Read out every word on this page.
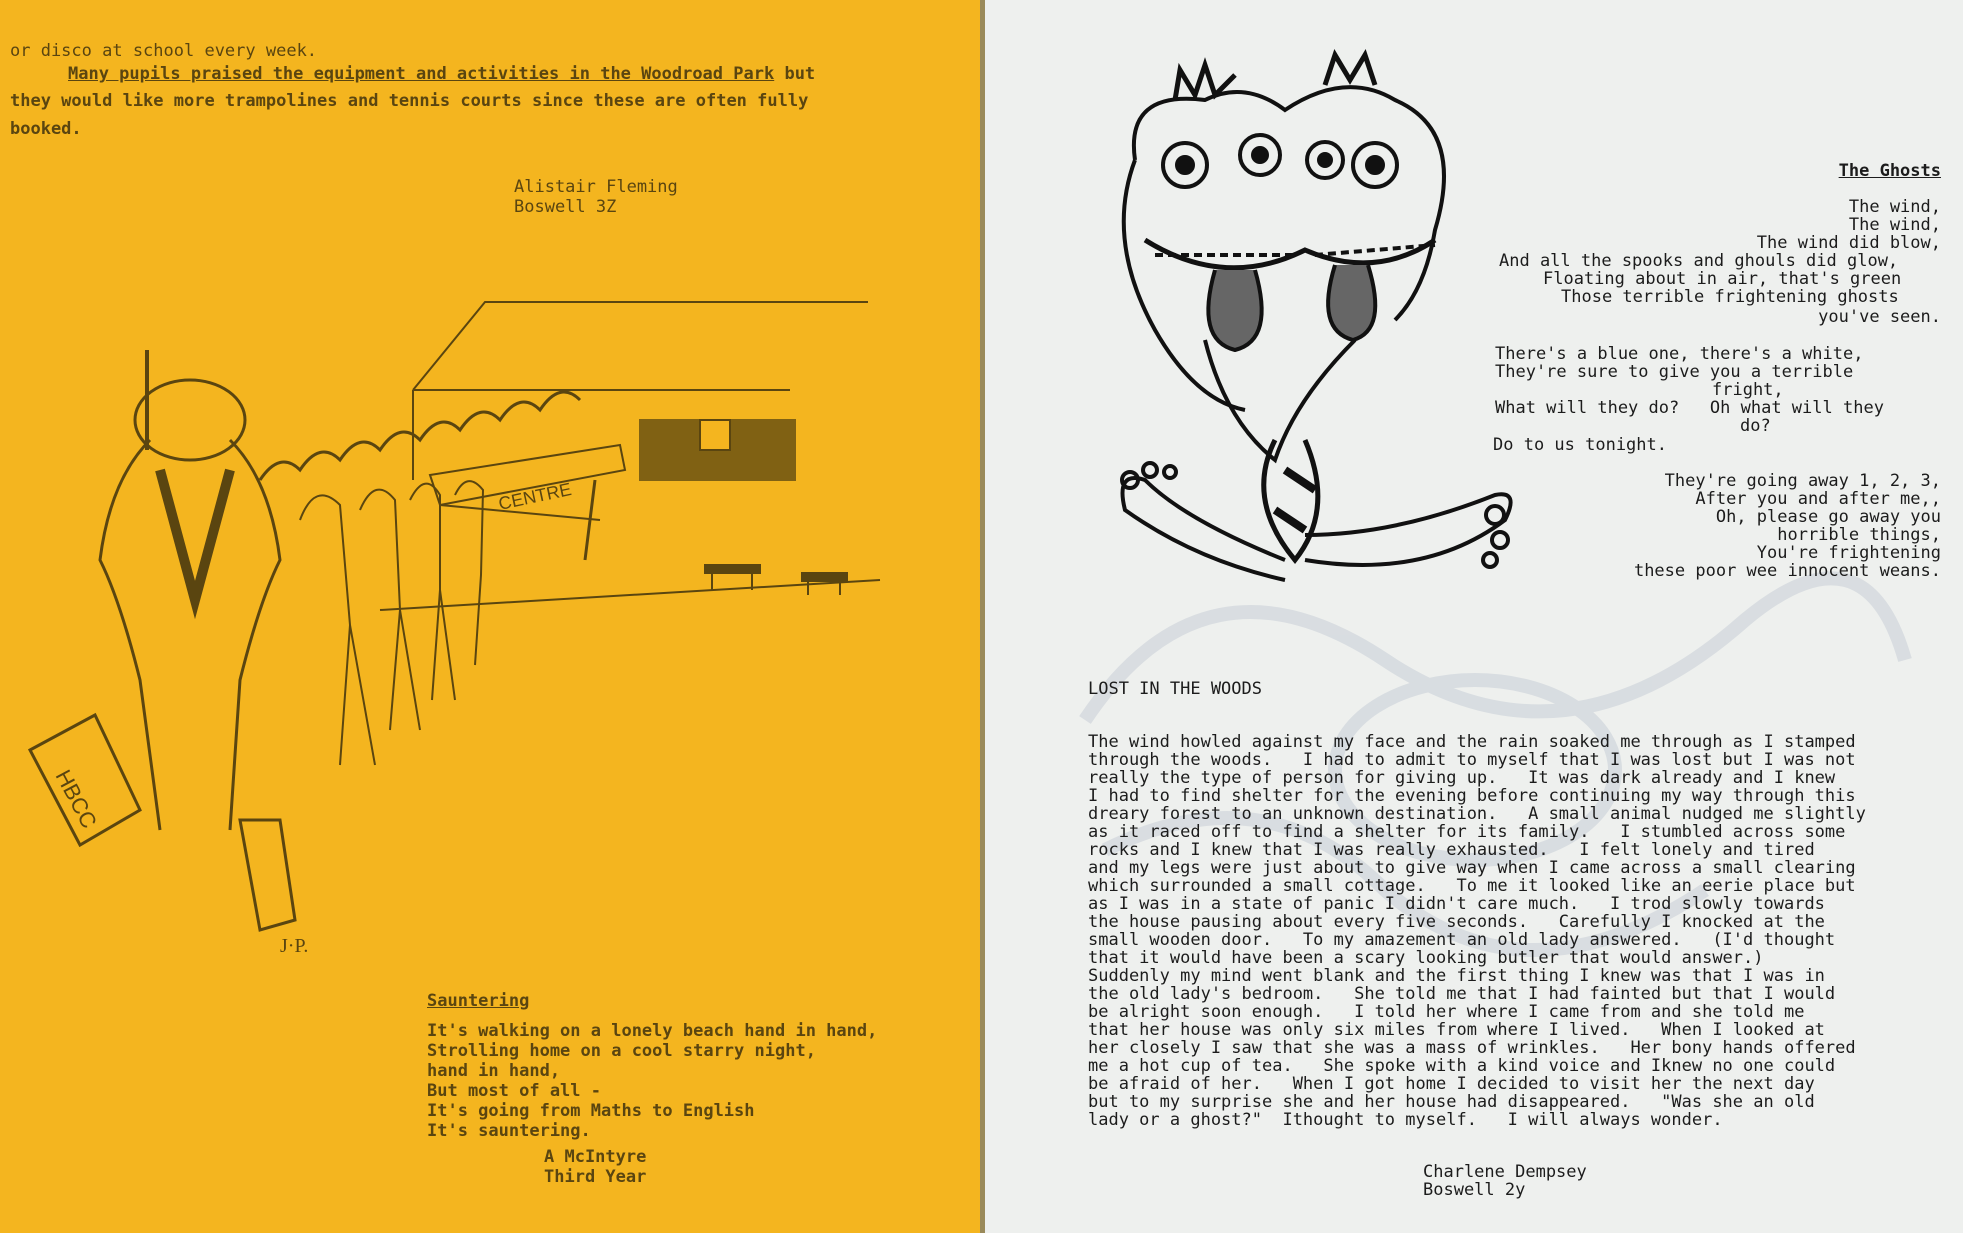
or disco at school every week.

Many pupils praised the equipment and activities in the Woodroad Park but

they would like more trampolines and tennis courts since these are often fully

booked.

Alistair Fleming

Boswell 3Z

CENTRE
HBCC
J·P.

Sauntering

It's walking on a lonely beach hand in hand,

Strolling home on a cool starry night,

hand in hand,

But most of all -

It's going from Maths to English

It's sauntering.

A McIntyre

Third Year

The Ghosts

The wind,

The wind,

The wind did blow,

And all the spooks and ghouls did glow,

Floating about in air, that's green

Those terrible frightening ghosts

you've seen.

There's a blue one, there's a white,

They're sure to give you a terrible

fright,

What will they do?   Oh what will they

do?

Do to us tonight.

They're going away 1, 2, 3,

After you and after me,,

Oh, please go away you

horrible things,

You're frightening

these poor wee innocent weans.

LOST IN THE WOODS

The wind howled against my face and the rain soaked me through as I stamped

through the woods.   I had to admit to myself that I was lost but I was not

really the type of person for giving up.   It was dark already and I knew

I had to find shelter for the evening before continuing my way through this

dreary forest to an unknown destination.   A small animal nudged me slightly

as it raced off to find a shelter for its family.   I stumbled across some

rocks and I knew that I was really exhausted.   I felt lonely and tired

and my legs were just about to give way when I came across a small clearing

which surrounded a small cottage.   To me it looked like an eerie place but

as I was in a state of panic I didn't care much.   I trod slowly towards

the house pausing about every five seconds.   Carefully I knocked at the

small wooden door.   To my amazement an old lady answered.   (I'd thought

that it would have been a scary looking butler that would answer.)

Suddenly my mind went blank and the first thing I knew was that I was in

the old lady's bedroom.   She told me that I had fainted but that I would

be alright soon enough.   I told her where I came from and she told me

that her house was only six miles from where I lived.   When I looked at

her closely I saw that she was a mass of wrinkles.   Her bony hands offered

me a hot cup of tea.   She spoke with a kind voice and Iknew no one could

be afraid of her.   When I got home I decided to visit her the next day

but to my surprise she and her house had disappeared.   "Was she an old

lady or a ghost?"  Ithought to myself.   I will always wonder.

Charlene Dempsey

Boswell 2y
